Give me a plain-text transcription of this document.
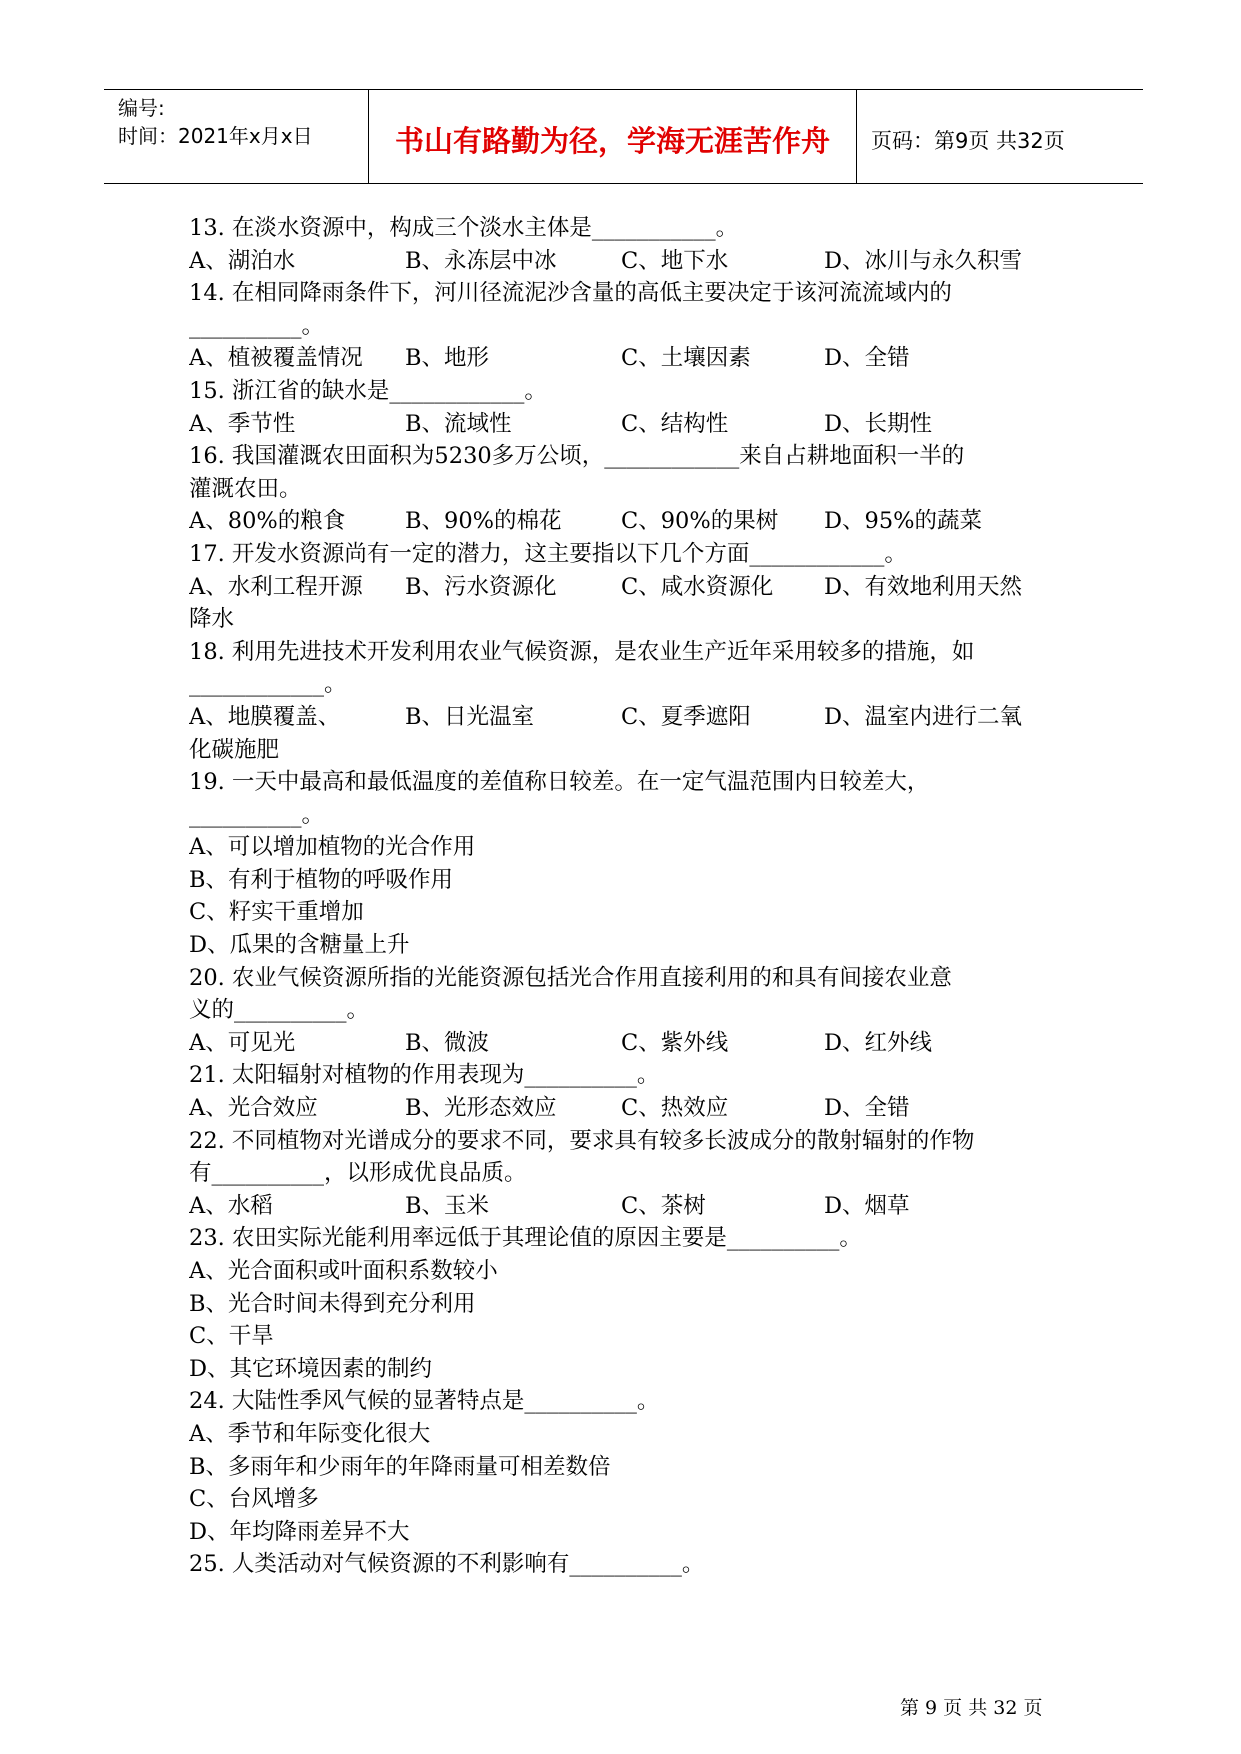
编号:
时间：2021年x月x日	书山有路勤为径，学海无涯苦作舟 页码：第9页 共32页
13. 在淡水资源中，构成三个淡水主体是___________。
A、湖泊水	B、永冻层中冰	C、地下水	D、冰川与永久积雪
14. 在相同降雨条件下，河川径流泥沙含量的高低主要决定于该河流流域内的
__________。
A、植被覆盖情况 B、地形	C、土壤因素	D、全错
15. 浙江省的缺水是____________。
A、季节性	B、流域性	C、结构性	D、长期性
16. 我国灌溉农田面积为5230多万公顷，____________来自占耕地面积一半的
灌溉农田。
A、80%的粮食	B、90%的棉花	C、90%的果树 D、95%的蔬菜
17. 开发水资源尚有一定的潜力，这主要指以下几个方面____________。
A、水利工程开源 B、污水资源化	C、咸水资源化 D、有效地利用天然
降水
18. 利用先进技术开发利用农业气候资源，是农业生产近年采用较多的措施，如
____________。
A、地膜覆盖、	B、日光温室	C、夏季遮阳	D、温室内进行二氧
化碳施肥
19. 一天中最高和最低温度的差值称日较差。在一定气温范围内日较差大，
__________。
A、可以增加植物的光合作用
B、有利于植物的呼吸作用
C、籽实干重增加
D、瓜果的含糖量上升
20. 农业气候资源所指的光能资源包括光合作用直接利用的和具有间接农业意
义的__________。
A、可见光	B、微波	C、紫外线	D、红外线
21. 太阳辐射对植物的作用表现为__________。
A、光合效应	B、光形态效应	C、热效应	D、全错
22. 不同植物对光谱成分的要求不同，要求具有较多长波成分的散射辐射的作物
有__________，以形成优良品质。
A、水稻	B、玉米	C、茶树	D、烟草
23. 农田实际光能利用率远低于其理论值的原因主要是__________。
A、光合面积或叶面积系数较小
B、光合时间未得到充分利用
C、干旱
D、其它环境因素的制约
24. 大陆性季风气候的显著特点是__________。
A、季节和年际变化很大
B、多雨年和少雨年的年降雨量可相差数倍
C、台风增多
D、年均降雨差异不大
25. 人类活动对气候资源的不利影响有__________。
第 9 页 共 32 页
